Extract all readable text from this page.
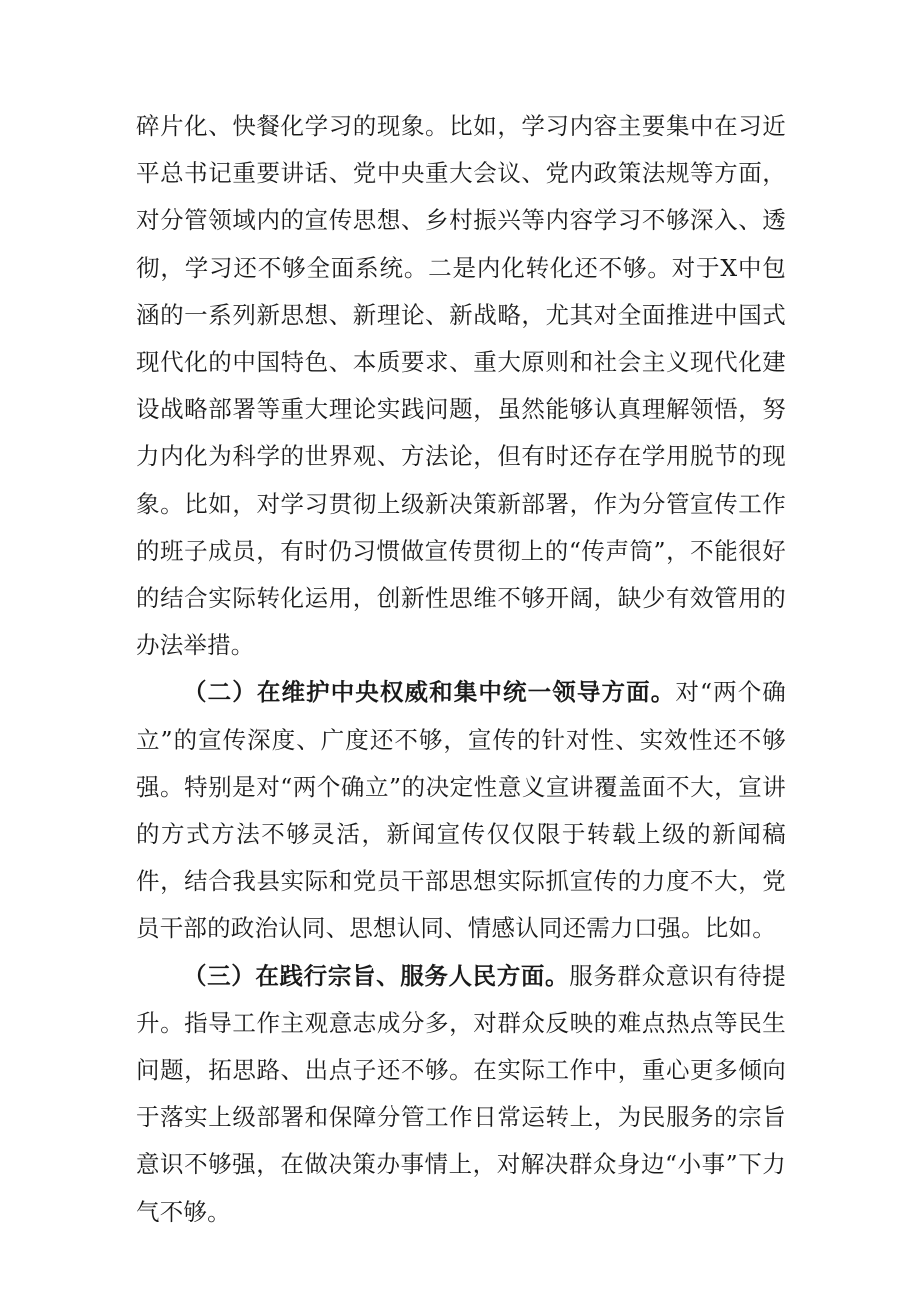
碎片化、快餐化学习的现象。比如，学习内容主要集中在习近平总书记重要讲话、党中央重大会议、党内政策法规等方面，对分管领域内的宣传思想、乡村振兴等内容学习不够深入、透彻，学习还不够全面系统。二是内化转化还不够。对于X中包涵的一系列新思想、新理论、新战略，尤其对全面推进中国式现代化的中国特色、本质要求、重大原则和社会主义现代化建设战略部署等重大理论实践问题，虽然能够认真理解领悟，努力内化为科学的世界观、方法论，但有时还存在学用脱节的现象。比如，对学习贯彻上级新决策新部署，作为分管宣传工作的班子成员，有时仍习惯做宣传贯彻上的“传声筒”，不能很好的结合实际转化运用，创新性思维不够开阔，缺少有效管用的办法举措。

（二）在维护中央权威和集中统一领导方面。对“两个确立”的宣传深度、广度还不够，宣传的针对性、实效性还不够强。特别是对“两个确立”的决定性意义宣讲覆盖面不大，宣讲的方式方法不够灵活，新闻宣传仅仅限于转载上级的新闻稿件，结合我县实际和党员干部思想实际抓宣传的力度不大，党员干部的政治认同、思想认同、情感认同还需力口强。比如。

（三）在践行宗旨、服务人民方面。服务群众意识有待提升。指导工作主观意志成分多，对群众反映的难点热点等民生问题，拓思路、出点子还不够。在实际工作中，重心更多倾向于落实上级部署和保障分管工作日常运转上，为民服务的宗旨意识不够强，在做决策办事情上，对解决群众身边“小事”下力气不够。
